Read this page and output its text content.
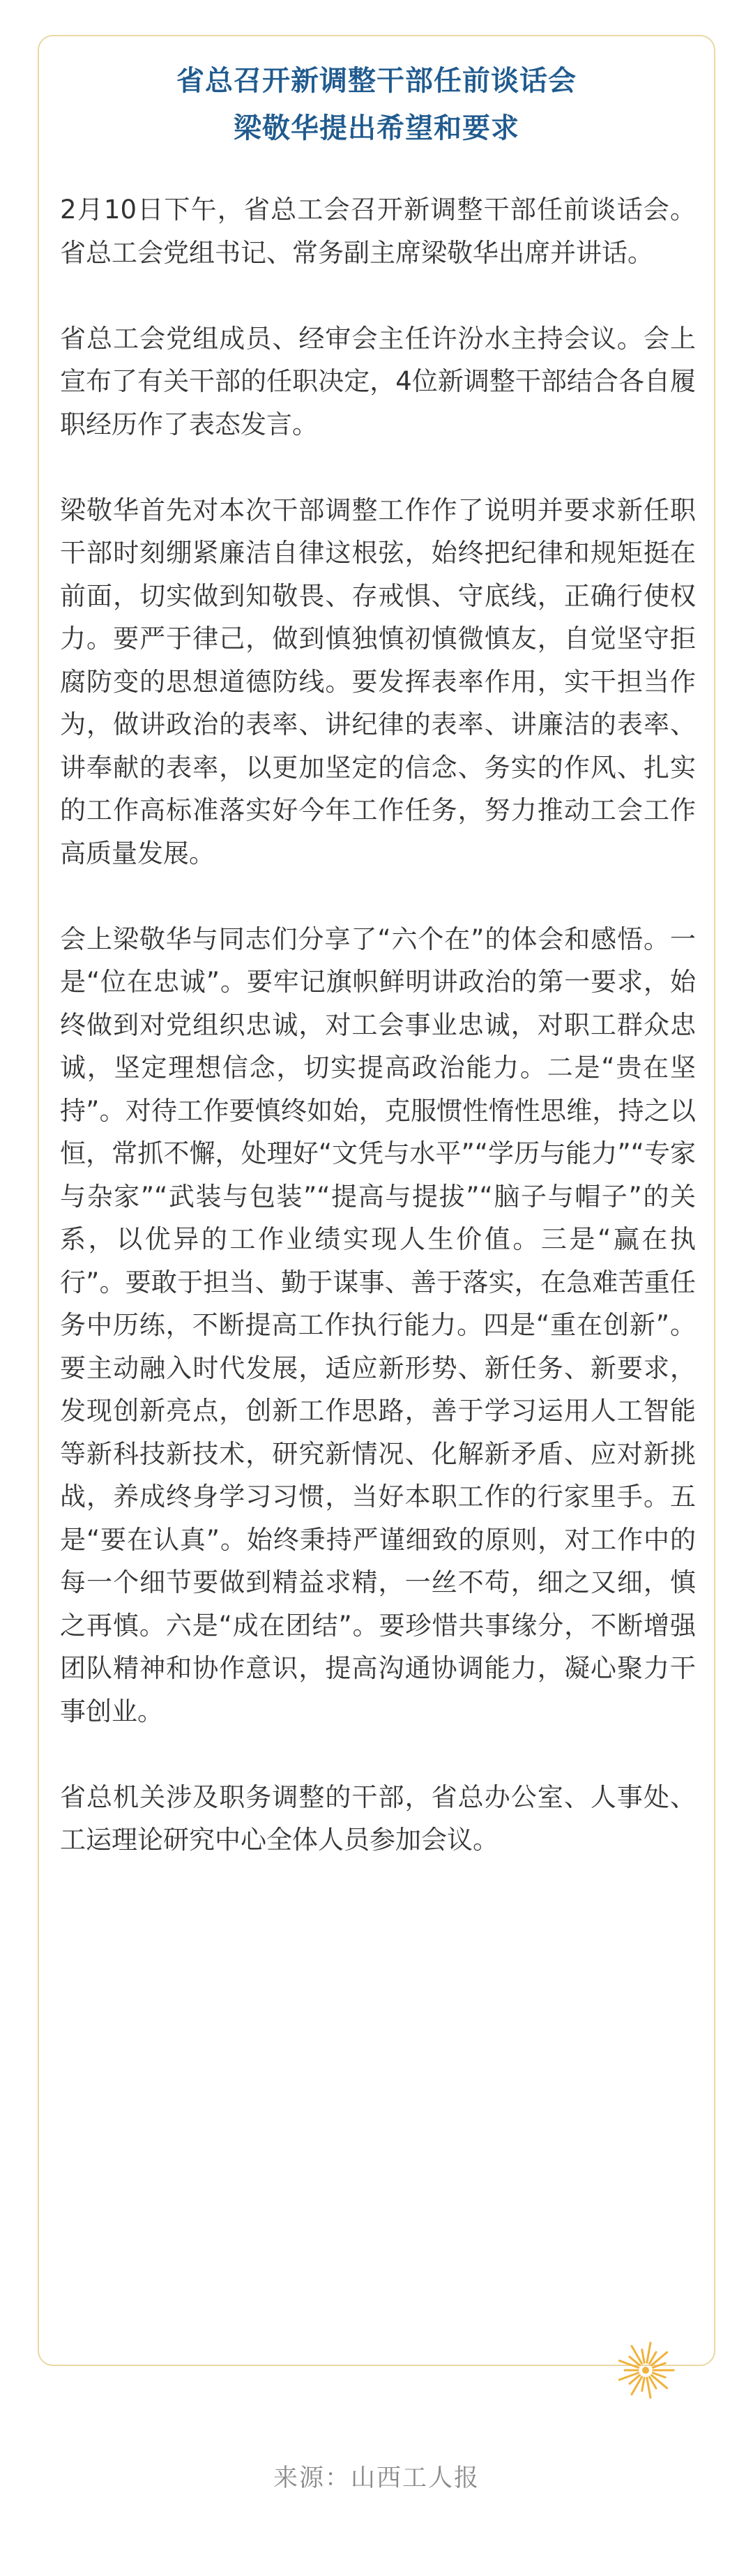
省总召开新调整干部任前谈话会
梁敬华提出希望和要求

2月10日下午，省总工会召开新调整干部任前谈话会。省总工会党组书记、常务副主席梁敬华出席并讲话。

省总工会党组成员、经审会主任许汾水主持会议。会上宣布了有关干部的任职决定，4位新调整干部结合各自履职经历作了表态发言。

梁敬华首先对本次干部调整工作作了说明并要求新任职干部时刻绷紧廉洁自律这根弦，始终把纪律和规矩挺在前面，切实做到知敬畏、存戒惧、守底线，正确行使权力。要严于律己，做到慎独慎初慎微慎友，自觉坚守拒腐防变的思想道德防线。要发挥表率作用，实干担当作为，做讲政治的表率、讲纪律的表率、讲廉洁的表率、讲奉献的表率，以更加坚定的信念、务实的作风、扎实的工作高标准落实好今年工作任务，努力推动工会工作高质量发展。

会上梁敬华与同志们分享了“六个在”的体会和感悟。一是“位在忠诚”。要牢记旗帜鲜明讲政治的第一要求，始终做到对党组织忠诚，对工会事业忠诚，对职工群众忠诚，坚定理想信念，切实提高政治能力。二是“贵在坚持”。对待工作要慎终如始，克服惯性惰性思维，持之以恒，常抓不懈，处理好“文凭与水平”“学历与能力”“专家与杂家”“武装与包装”“提高与提拔”“脑子与帽子”的关系，以优异的工作业绩实现人生价值。三是“赢在执行”。要敢于担当、勤于谋事、善于落实，在急难苦重任务中历练，不断提高工作执行能力。四是“重在创新”。要主动融入时代发展，适应新形势、新任务、新要求，发现创新亮点，创新工作思路，善于学习运用人工智能等新科技新技术，研究新情况、化解新矛盾、应对新挑战，养成终身学习习惯，当好本职工作的行家里手。五是“要在认真”。始终秉持严谨细致的原则，对工作中的每一个细节要做到精益求精，一丝不苟，细之又细，慎之再慎。六是“成在团结”。要珍惜共事缘分，不断增强团队精神和协作意识，提高沟通协调能力，凝心聚力干事创业。

省总机关涉及职务调整的干部，省总办公室、人事处、工运理论研究中心全体人员参加会议。

来源：山西工人报
